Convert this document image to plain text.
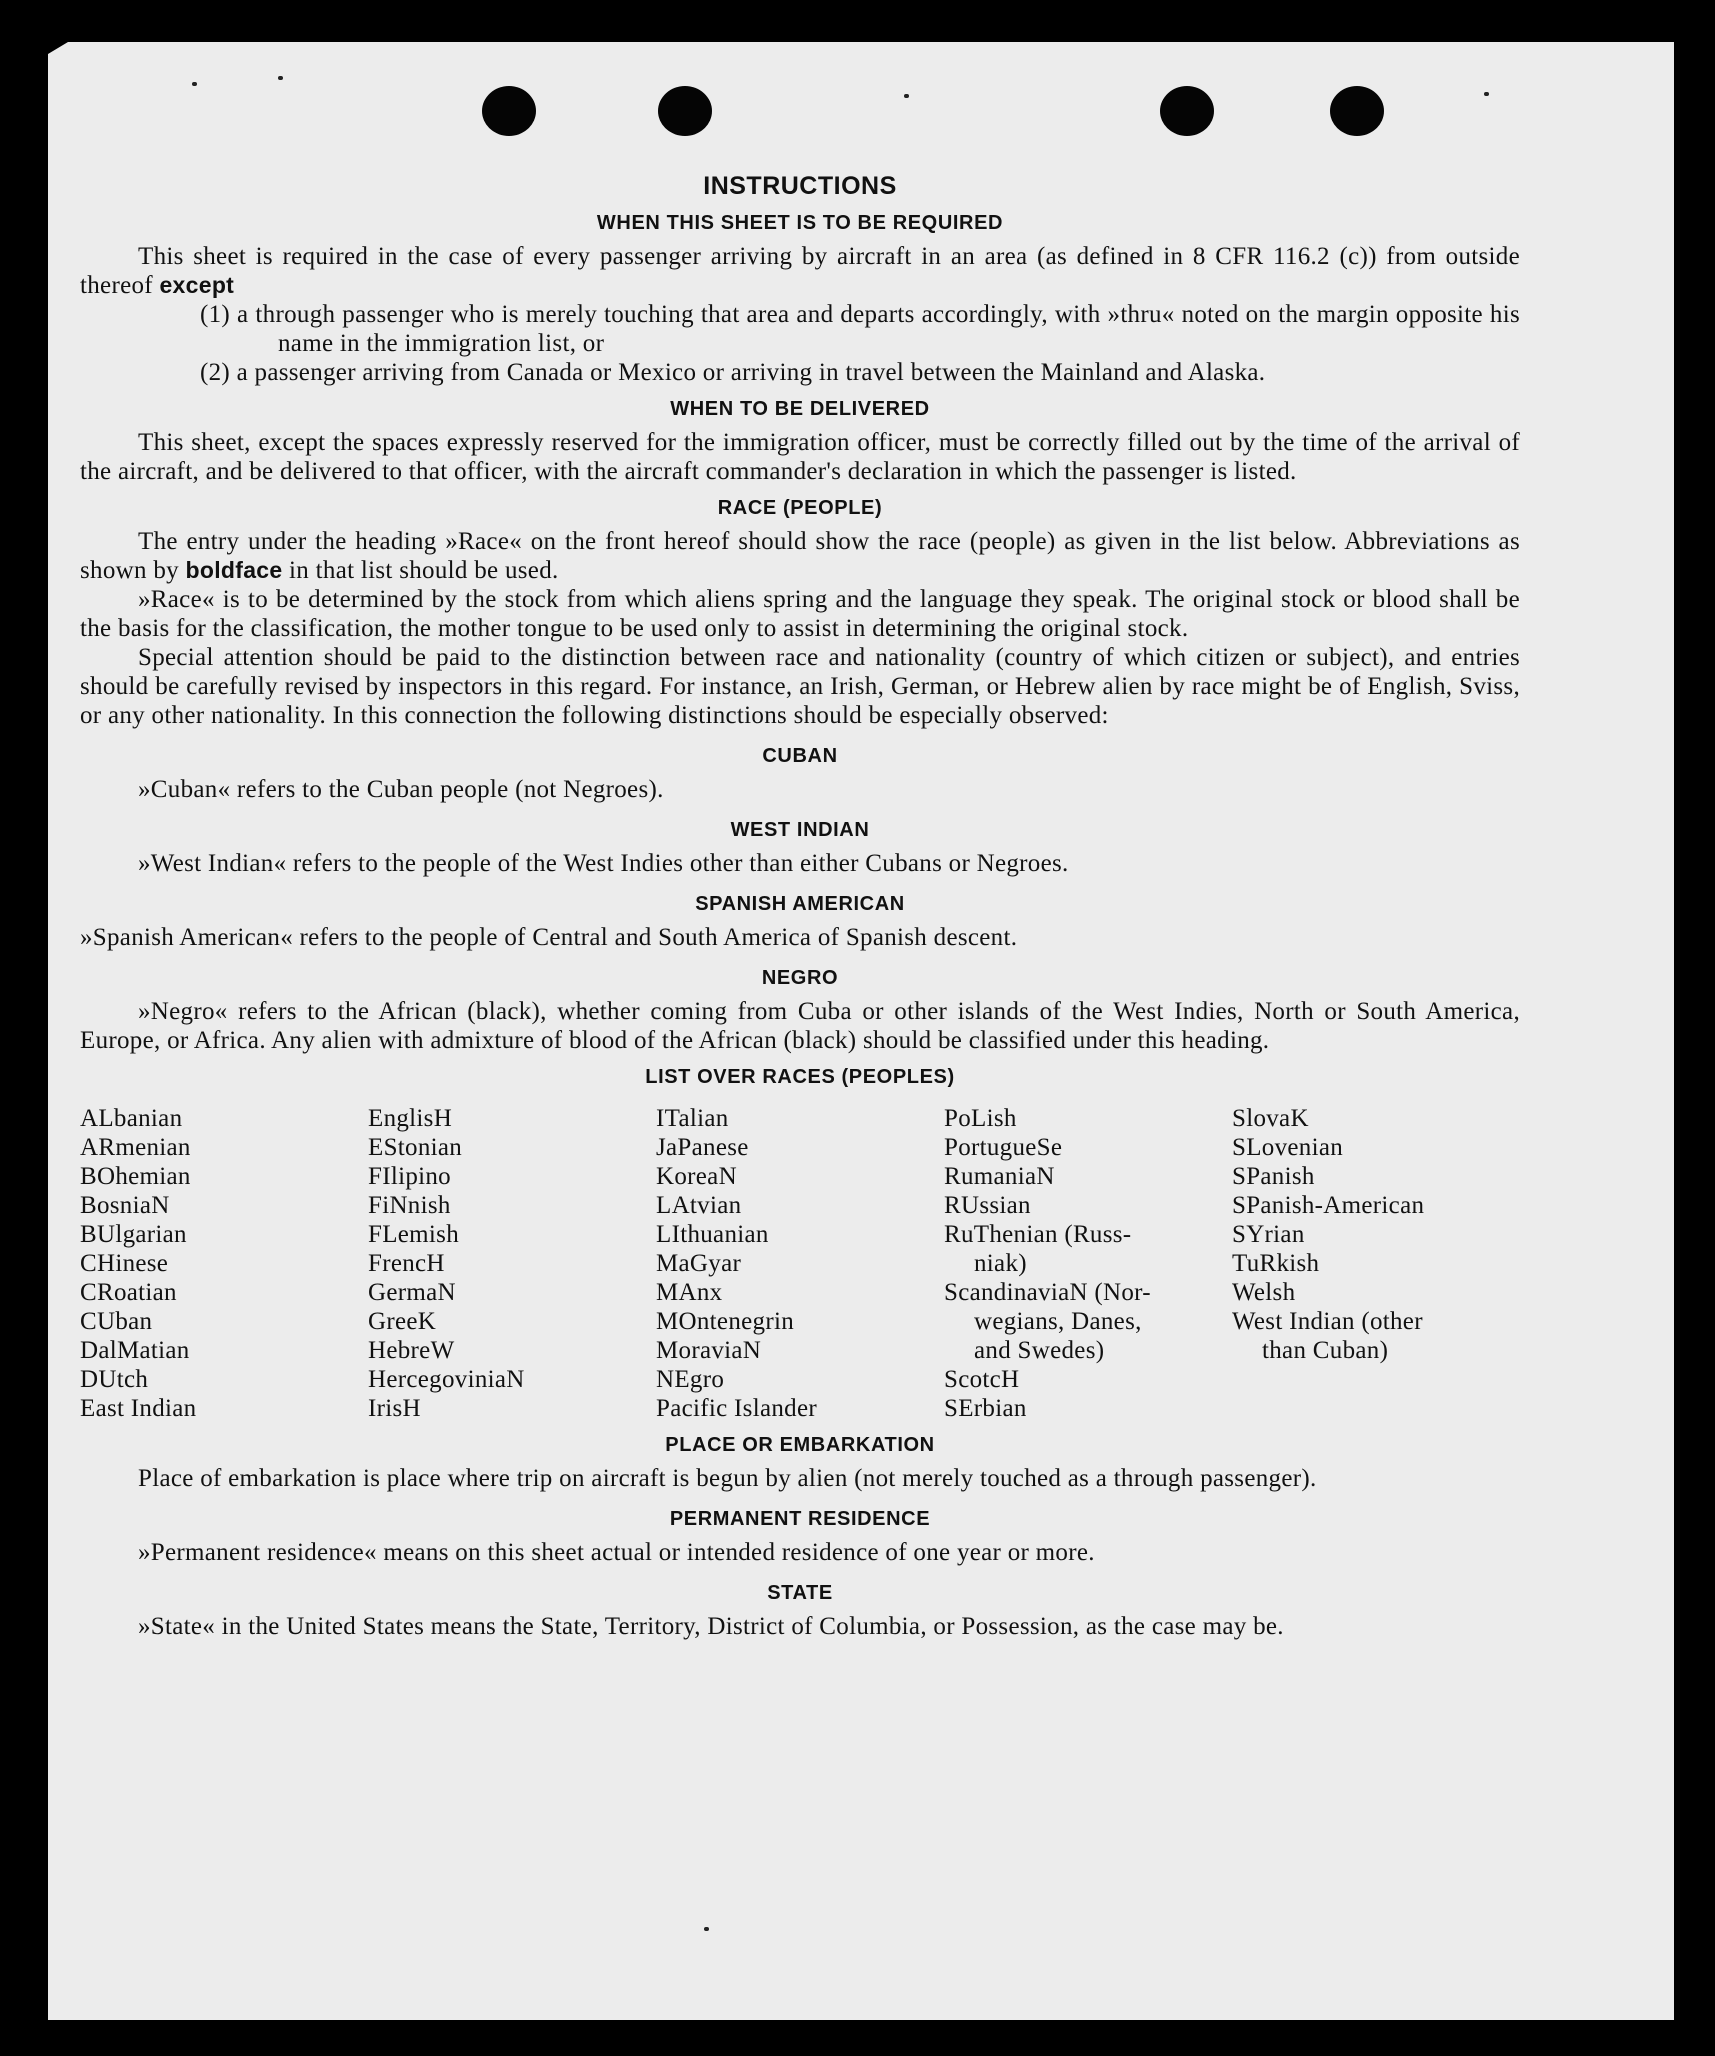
INSTRUCTIONS
WHEN THIS SHEET IS TO BE REQUIRED

This sheet is required in the case of every passenger arriving by aircraft in an area (as defined in 8 CFR 116.2 (c)) from outside thereof except

(1) a through passenger who is merely touching that area and departs accordingly, with »thru« noted on the margin opposite his name in the immigration list, or

(2) a passenger arriving from Canada or Mexico or arriving in travel between the Mainland and Alaska.

WHEN TO BE DELIVERED

This sheet, except the spaces expressly reserved for the immigration officer, must be correctly filled out by the time of the arrival of the aircraft, and be delivered to that officer, with the aircraft commander's declaration in which the passenger is listed.

RACE (PEOPLE)

The entry under the heading »Race« on the front hereof should show the race (people) as given in the list below. Abbreviations as shown by boldface in that list should be used.

»Race« is to be determined by the stock from which aliens spring and the language they speak. The original stock or blood shall be the basis for the classification, the mother tongue to be used only to assist in determining the original stock.

Special attention should be paid to the distinction between race and nationality (country of which citizen or subject), and entries should be carefully revised by inspectors in this regard. For instance, an Irish, German, or Hebrew alien by race might be of English, Sviss, or any other nationality. In this connection the following distinctions should be especially observed:

CUBAN

»Cuban« refers to the Cuban people (not Negroes).

WEST INDIAN

»West Indian« refers to the people of the West Indies other than either Cubans or Negroes.

SPANISH AMERICAN

»Spanish American« refers to the people of Central and South America of Spanish descent.

NEGRO

»Negro« refers to the African (black), whether coming from Cuba or other islands of the West Indies, North or South America, Europe, or Africa. Any alien with admixture of blood of the African (black) should be classified under this heading.

LIST OVER RACES (PEOPLES)
ALbanian
ARmenian
BOhemian
BosniaN
BUlgarian
CHinese
CRoatian
CUban
DalMatian
DUtch
East Indian
EnglisH
EStonian
FIlipino
FiNnish
FLemish
FrencH
GermaN
GreeK
HebreW
HercegoviniaN
IrisH
ITalian
JaPanese
KoreaN
LAtvian
LIthuanian
MaGyar
MAnx
MOntenegrin
MoraviaN
NEgro
Pacific Islander
PoLish
PortugueSe
RumaniaN
RUssian
RuThenian (Russ-
niak)
ScandinaviaN (Nor-
wegians, Danes,
and Swedes)
ScotcH
SErbian
SlovaK
SLovenian
SPanish
SPanish-American
SYrian
TuRkish
Welsh
West Indian (other
than Cuban)
PLACE OR EMBARKATION

Place of embarkation is place where trip on aircraft is begun by alien (not merely touched as a through passenger).

PERMANENT RESIDENCE

»Permanent residence« means on this sheet actual or intended residence of one year or more.

STATE

»State« in the United States means the State, Territory, District of Columbia, or Possession, as the case may be.
